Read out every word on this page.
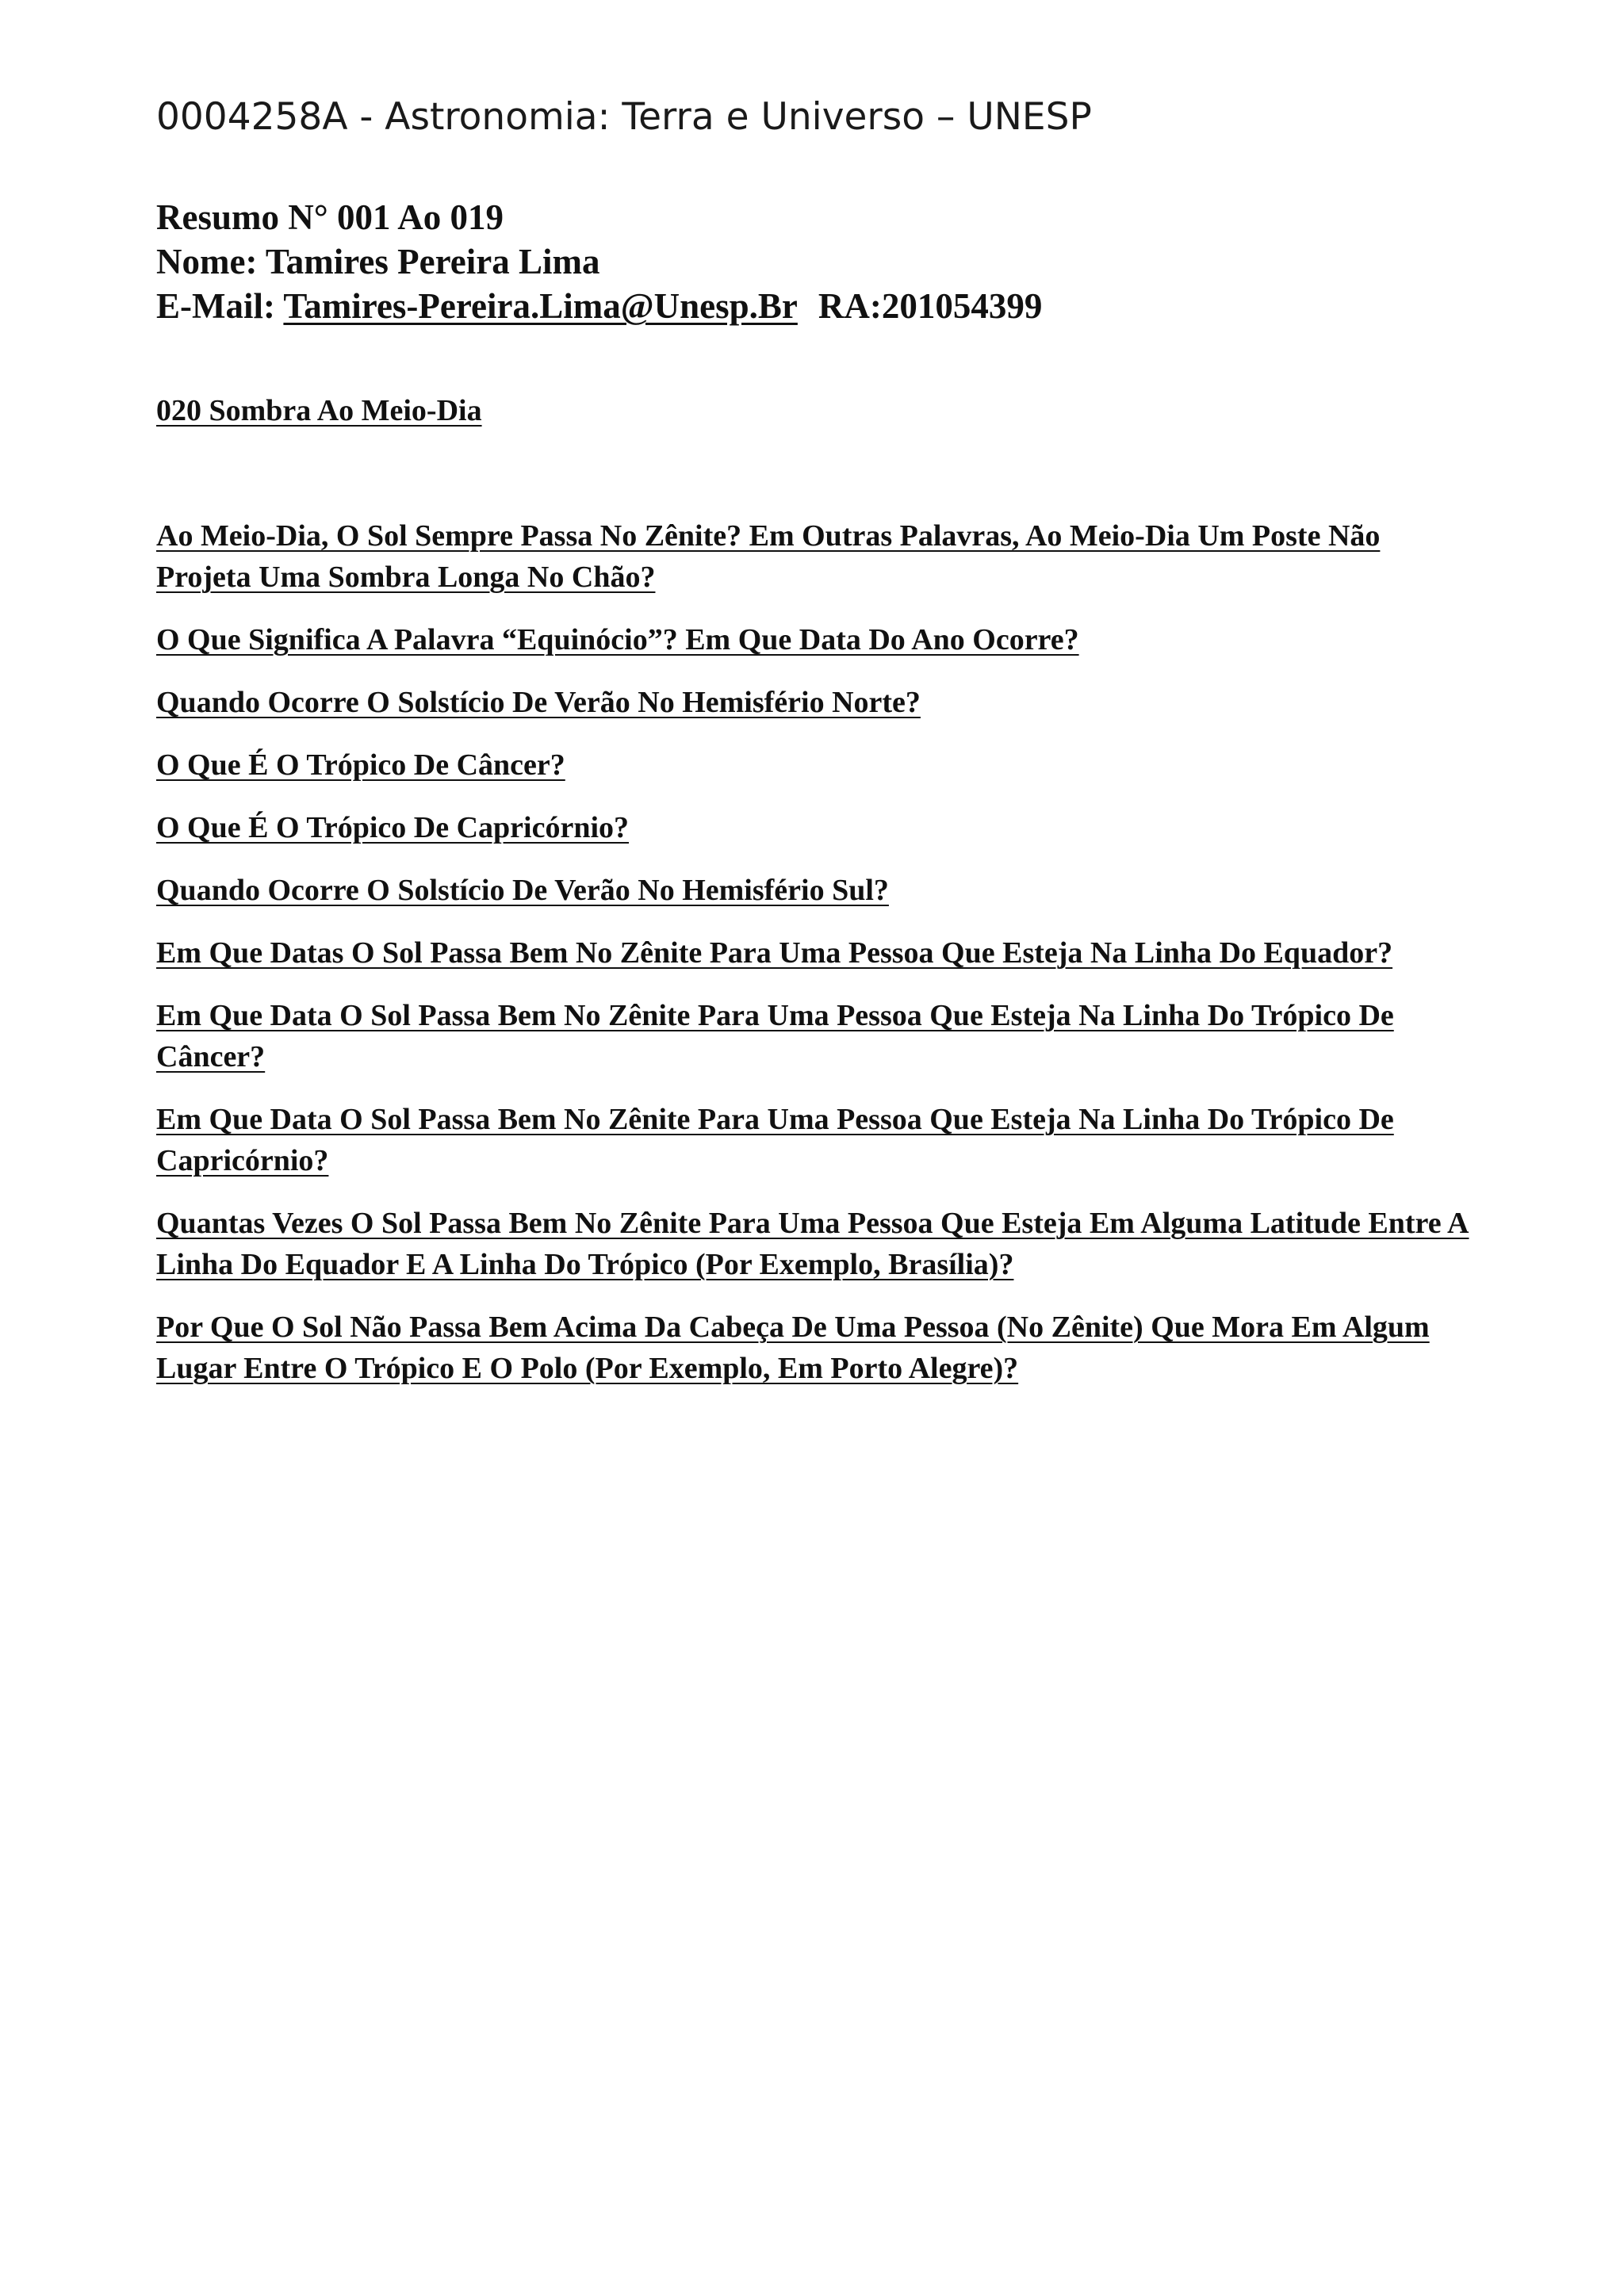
0004258A - Astronomia: Terra e Universo – UNESP
Resumo N° 001 Ao 019
Nome: Tamires Pereira Lima
E-Mail: Tamires-Pereira.Lima@Unesp.Br RA:201054399
020 Sombra Ao Meio-Dia
Ao Meio-Dia, O Sol Sempre Passa No Zênite? Em Outras Palavras, Ao Meio-Dia Um Poste Não Projeta Uma Sombra Longa No Chão?
O Que Significa A Palavra “Equinócio”? Em Que Data Do Ano Ocorre?
Quando Ocorre O Solstício De Verão No Hemisfério Norte?
O Que É O Trópico De Câncer?
O Que É O Trópico De Capricórnio?
Quando Ocorre O Solstício De Verão No Hemisfério Sul?
Em Que Datas O Sol Passa Bem No Zênite Para Uma Pessoa Que Esteja Na Linha Do Equador?
Em Que Data O Sol Passa Bem No Zênite Para Uma Pessoa Que Esteja Na Linha Do Trópico De Câncer?
Em Que Data O Sol Passa Bem No Zênite Para Uma Pessoa Que Esteja Na Linha Do Trópico De Capricórnio?
Quantas Vezes O Sol Passa Bem No Zênite Para Uma Pessoa Que Esteja Em Alguma Latitude Entre A Linha Do Equador E A Linha Do Trópico (Por Exemplo, Brasília)?
Por Que O Sol Não Passa Bem Acima Da Cabeça De Uma Pessoa (No Zênite) Que Mora Em Algum Lugar Entre O Trópico E O Polo (Por Exemplo, Em Porto Alegre)?
